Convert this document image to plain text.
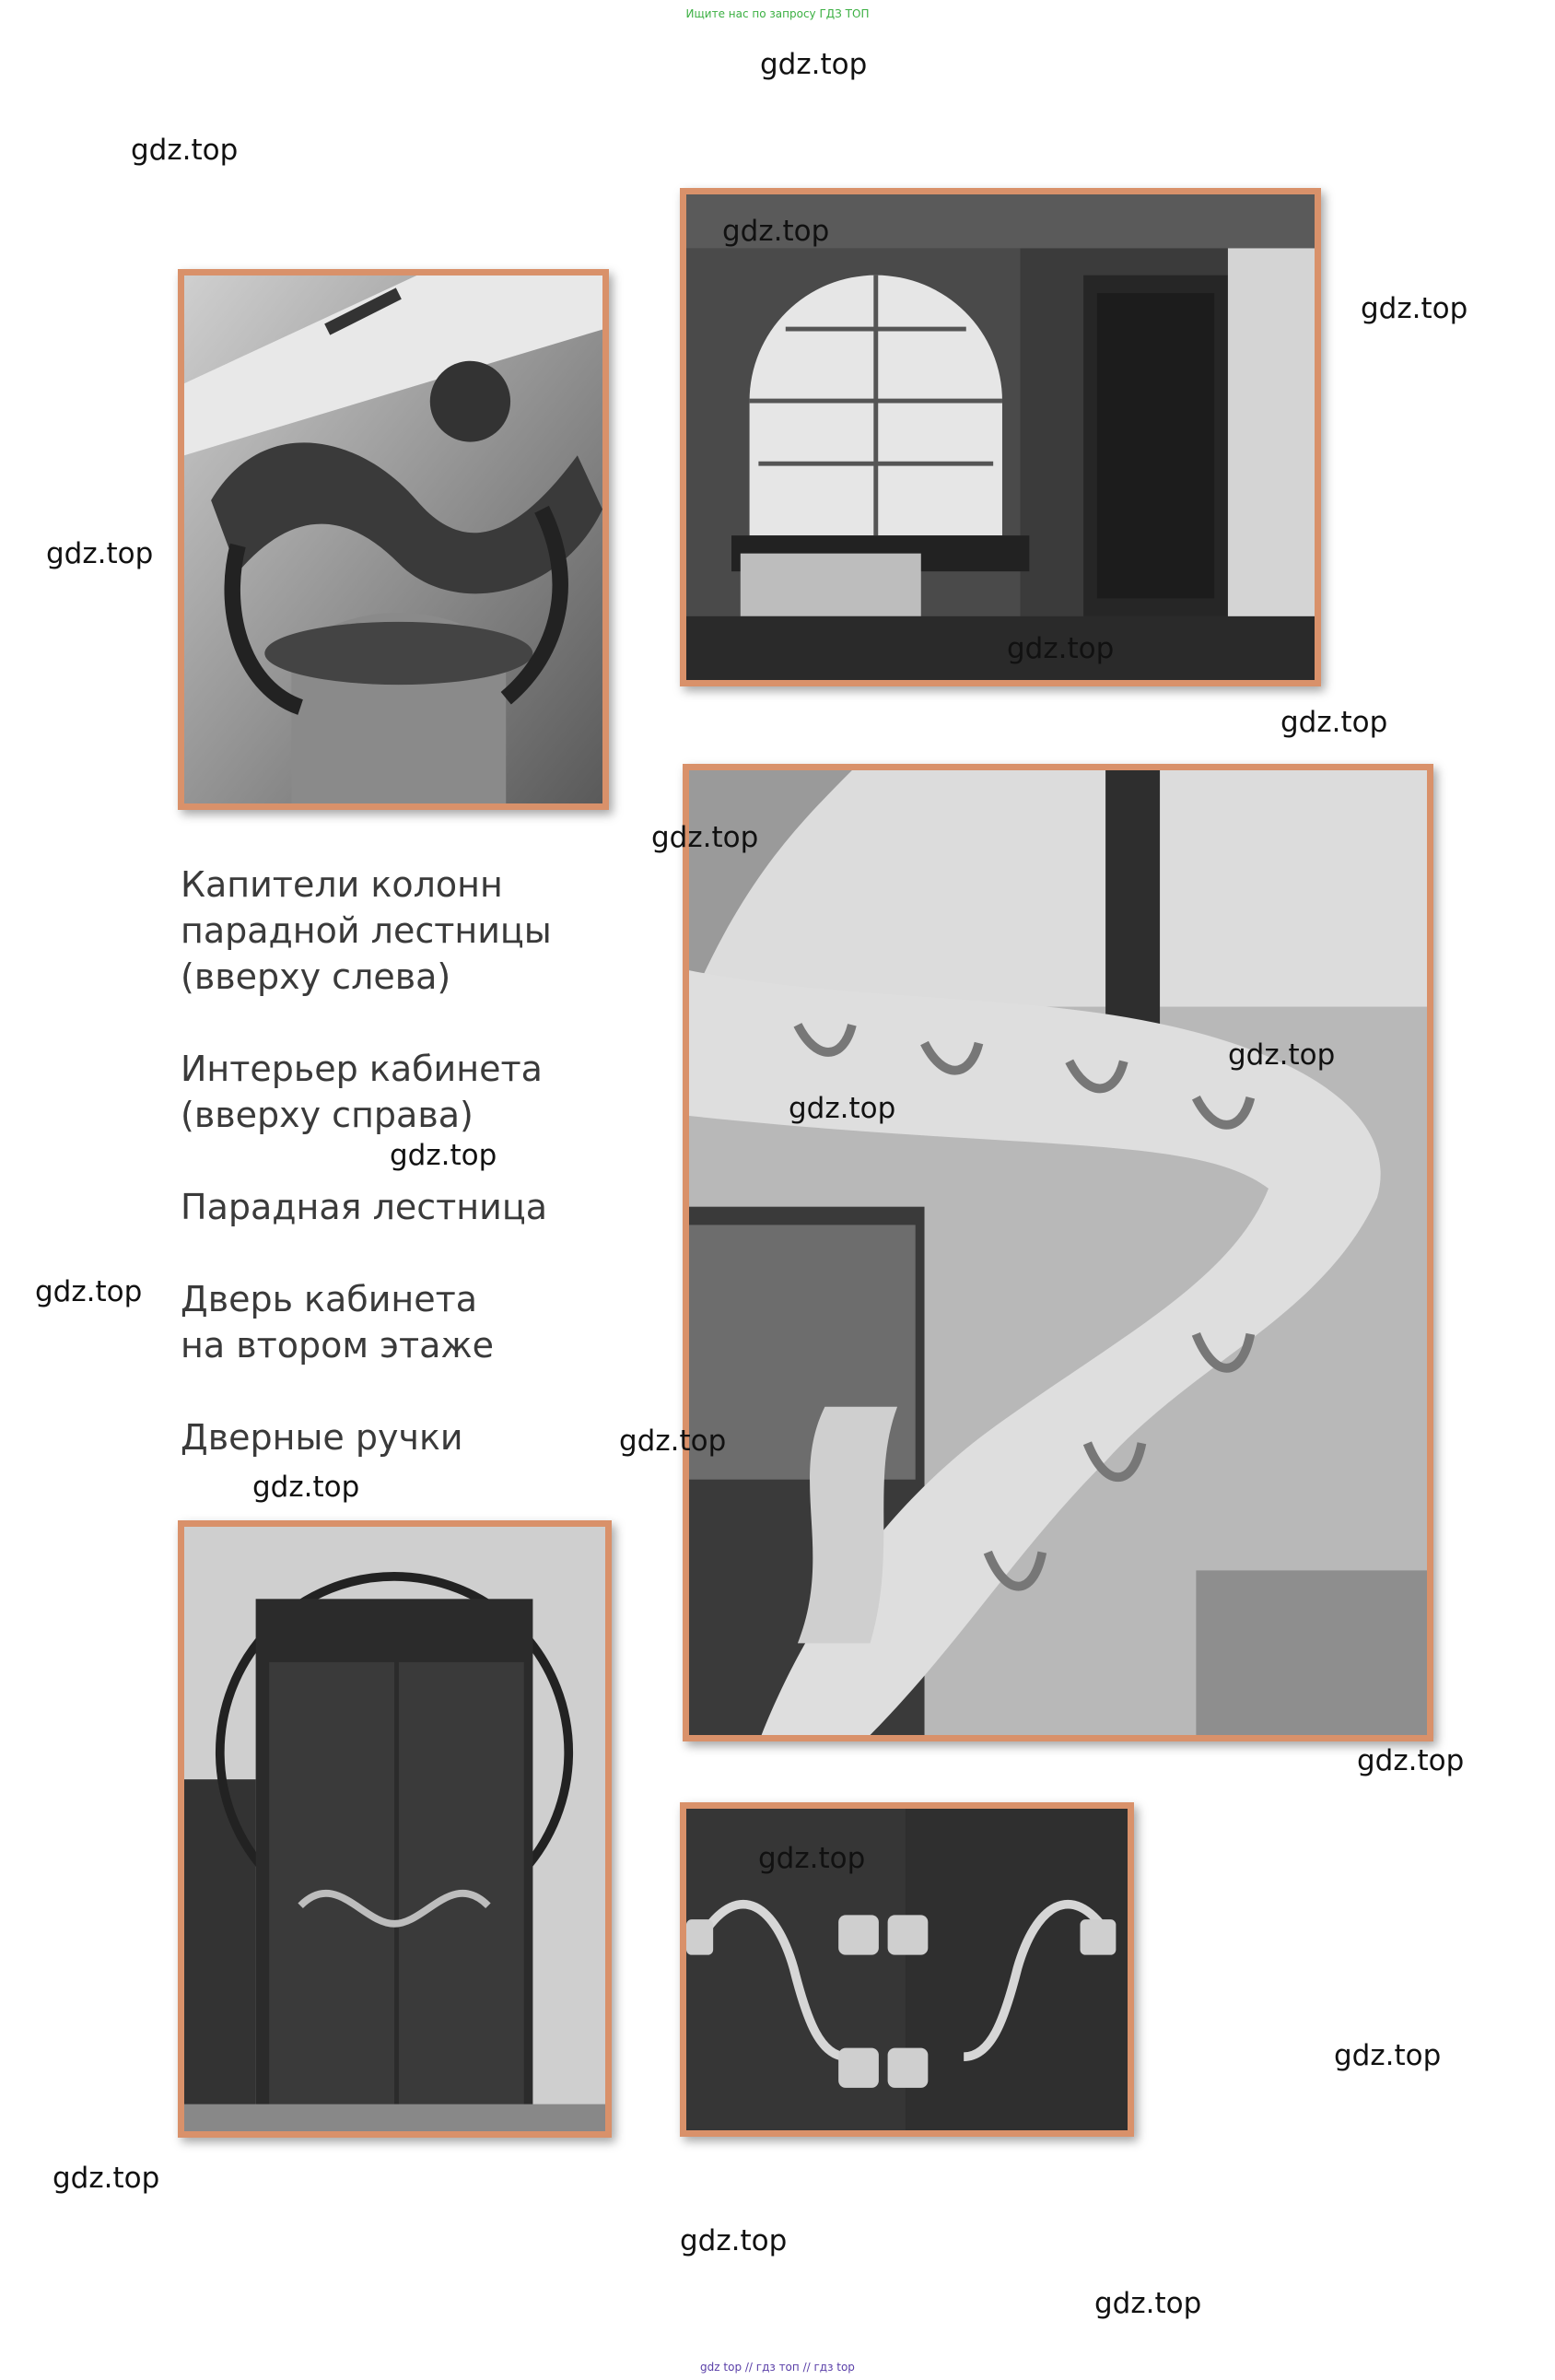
Ищите нас по запросу ГДЗ ТОП
Капители колонн
парадной лестницы
(вверху слева)
Интерьер кабинета
(вверху справа)
Парадная лестница
Дверь кабинета
на втором этаже
Дверные ручки
gdz.top
gdz.top
gdz.top
gdz.top
gdz.top
gdz.top
gdz.top
gdz.top
gdz.top
gdz.top
gdz.top
gdz.top
gdz.top
gdz.top
gdz.top
gdz.top
gdz.top
gdz.top
gdz.top
gdz.top
gdz top // гдз топ // гдз top
